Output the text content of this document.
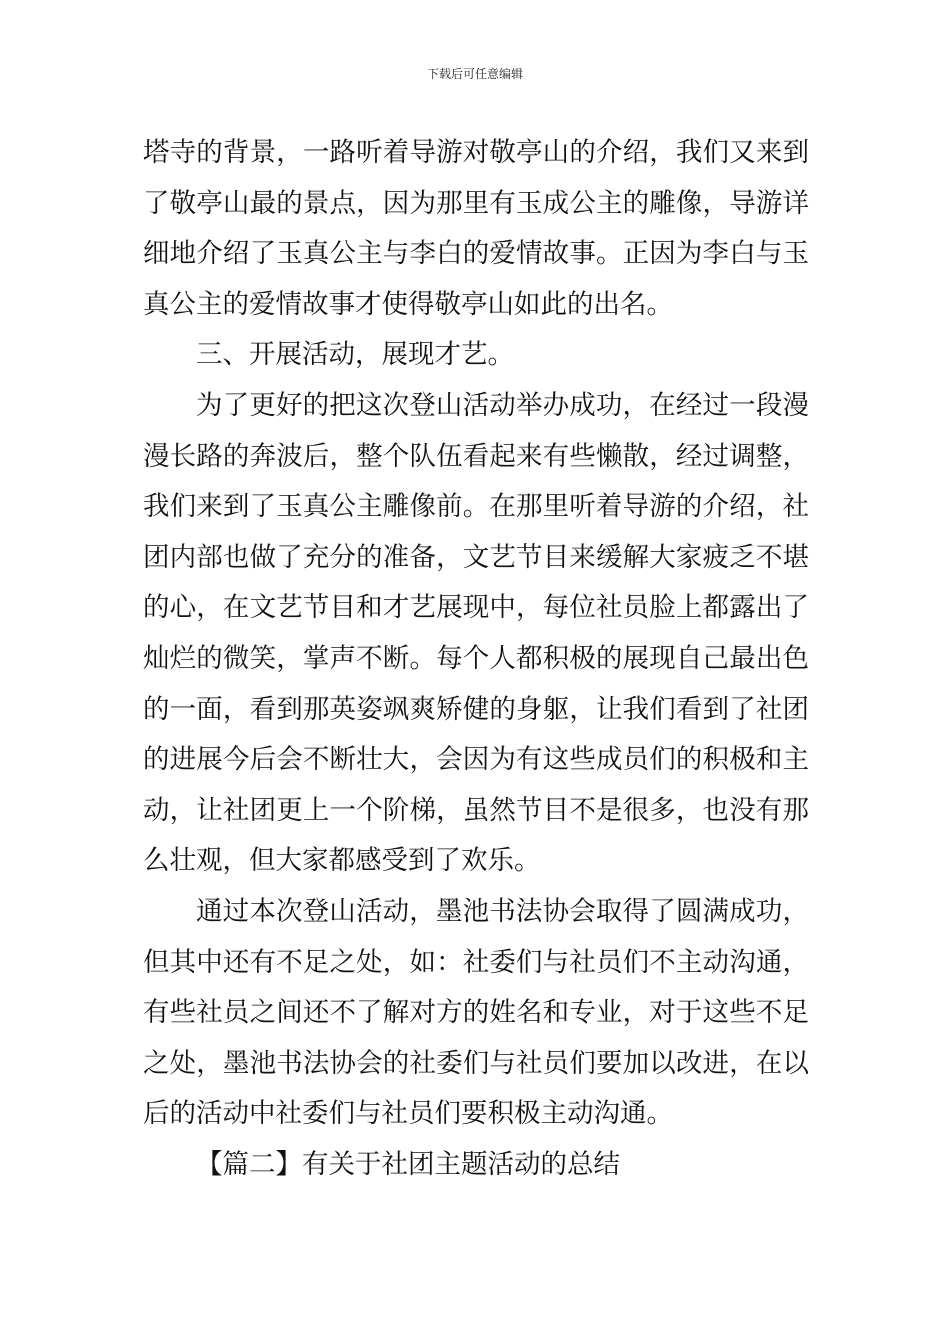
下载后可任意编辑

塔寺的背景，一路听着导游对敬亭山的介绍，我们又来到了敬亭山最的景点，因为那里有玉成公主的雕像，导游详细地介绍了玉真公主与李白的爱情故事。正因为李白与玉真公主的爱情故事才使得敬亭山如此的出名。

三、开展活动，展现才艺。

为了更好的把这次登山活动举办成功，在经过一段漫漫长路的奔波后，整个队伍看起来有些懒散，经过调整，我们来到了玉真公主雕像前。在那里听着导游的介绍，社团内部也做了充分的准备，文艺节目来缓解大家疲乏不堪的心，在文艺节目和才艺展现中，每位社员脸上都露出了灿烂的微笑，掌声不断。每个人都积极的展现自己最出色的一面，看到那英姿飒爽矫健的身躯，让我们看到了社团的进展今后会不断壮大，会因为有这些成员们的积极和主动，让社团更上一个阶梯，虽然节目不是很多，也没有那么壮观，但大家都感受到了欢乐。

通过本次登山活动，墨池书法协会取得了圆满成功，但其中还有不足之处，如：社委们与社员们不主动沟通，有些社员之间还不了解对方的姓名和专业，对于这些不足之处，墨池书法协会的社委们与社员们要加以改进，在以后的活动中社委们与社员们要积极主动沟通。

【篇二】有关于社团主题活动的总结
